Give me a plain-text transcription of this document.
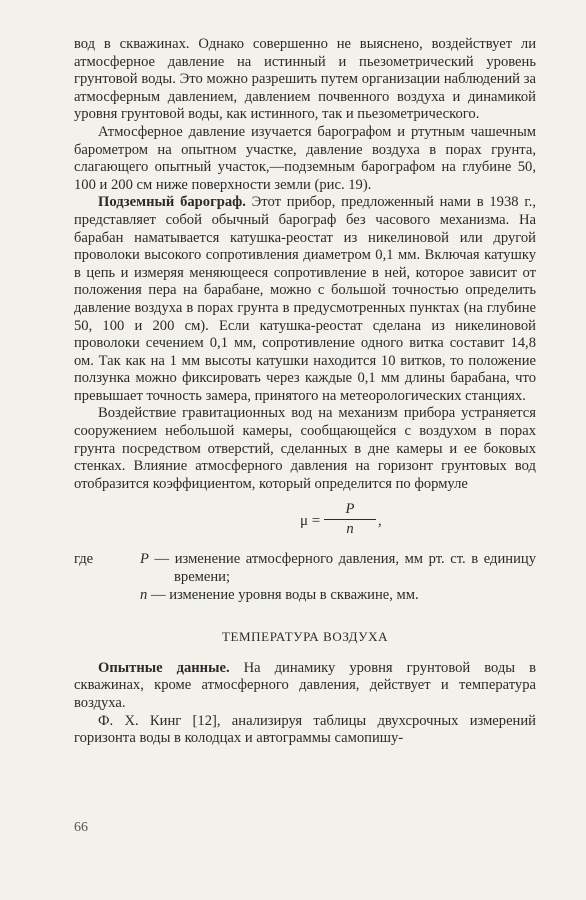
вод в скважинах. Однако совершенно не выяснено, воздействует ли атмосферное давление на истинный и пьезометрический уровень грунтовой воды. Это можно разрешить путем организации наблюдений за атмосферным давлением, давлением почвенного воздуха и динамикой уровня грунтовой воды, как истинного, так и пьезометрического.

Атмосферное давление изучается барографом и ртутным чашечным барометром на опытном участке, давление воздуха в порах грунта, слагающего опытный участок,—подземным барографом на глубине 50, 100 и 200 см ниже поверхности земли (рис. 19).

Подземный барограф. Этот прибор, предложенный нами в 1938 г., представляет собой обычный барограф без часового механизма. На барабан наматывается катушка-реостат из никелиновой или другой проволоки высокого сопротивления диаметром 0,1 мм. Включая катушку в цепь и измеряя меняющееся сопротивление в ней, которое зависит от положения пера на барабане, можно с большой точностью определить давление воздуха в порах грунта в предусмотренных пунктах (на глубине 50, 100 и 200 см). Если катушка-реостат сделана из никелиновой проволоки сечением 0,1 мм, сопротивление одного витка составит 14,8 ом. Так как на 1 мм высоты катушки находится 10 витков, то положение ползунка можно фиксировать через каждые 0,1 мм длины барабана, что превышает точность замера, принятого на метеорологических станциях.

Воздействие гравитационных вод на механизм прибора устраняется сооружением небольшой камеры, сообщающейся с воздухом в порах грунта посредством отверстий, сделанных в дне камеры и ее боковых стенках. Влияние атмосферного давления на горизонт грунтовых вод отобразится коэффициентом, который определится по формуле

μ =
P
n	,
где	P — изменение атмосферного давления, мм рт. ст. в единицу времени;
n — изменение уровня воды в скважине, мм.
ТЕМПЕРАТУРА ВОЗДУХА

Опытные данные. На динамику уровня грунтовой воды в скважинах, кроме атмосферного давления, действует и температура воздуха.

Ф. Х. Кинг [12], анализируя таблицы двухсрочных измерений горизонта воды в колодцах и автограммы самопишу-

66
